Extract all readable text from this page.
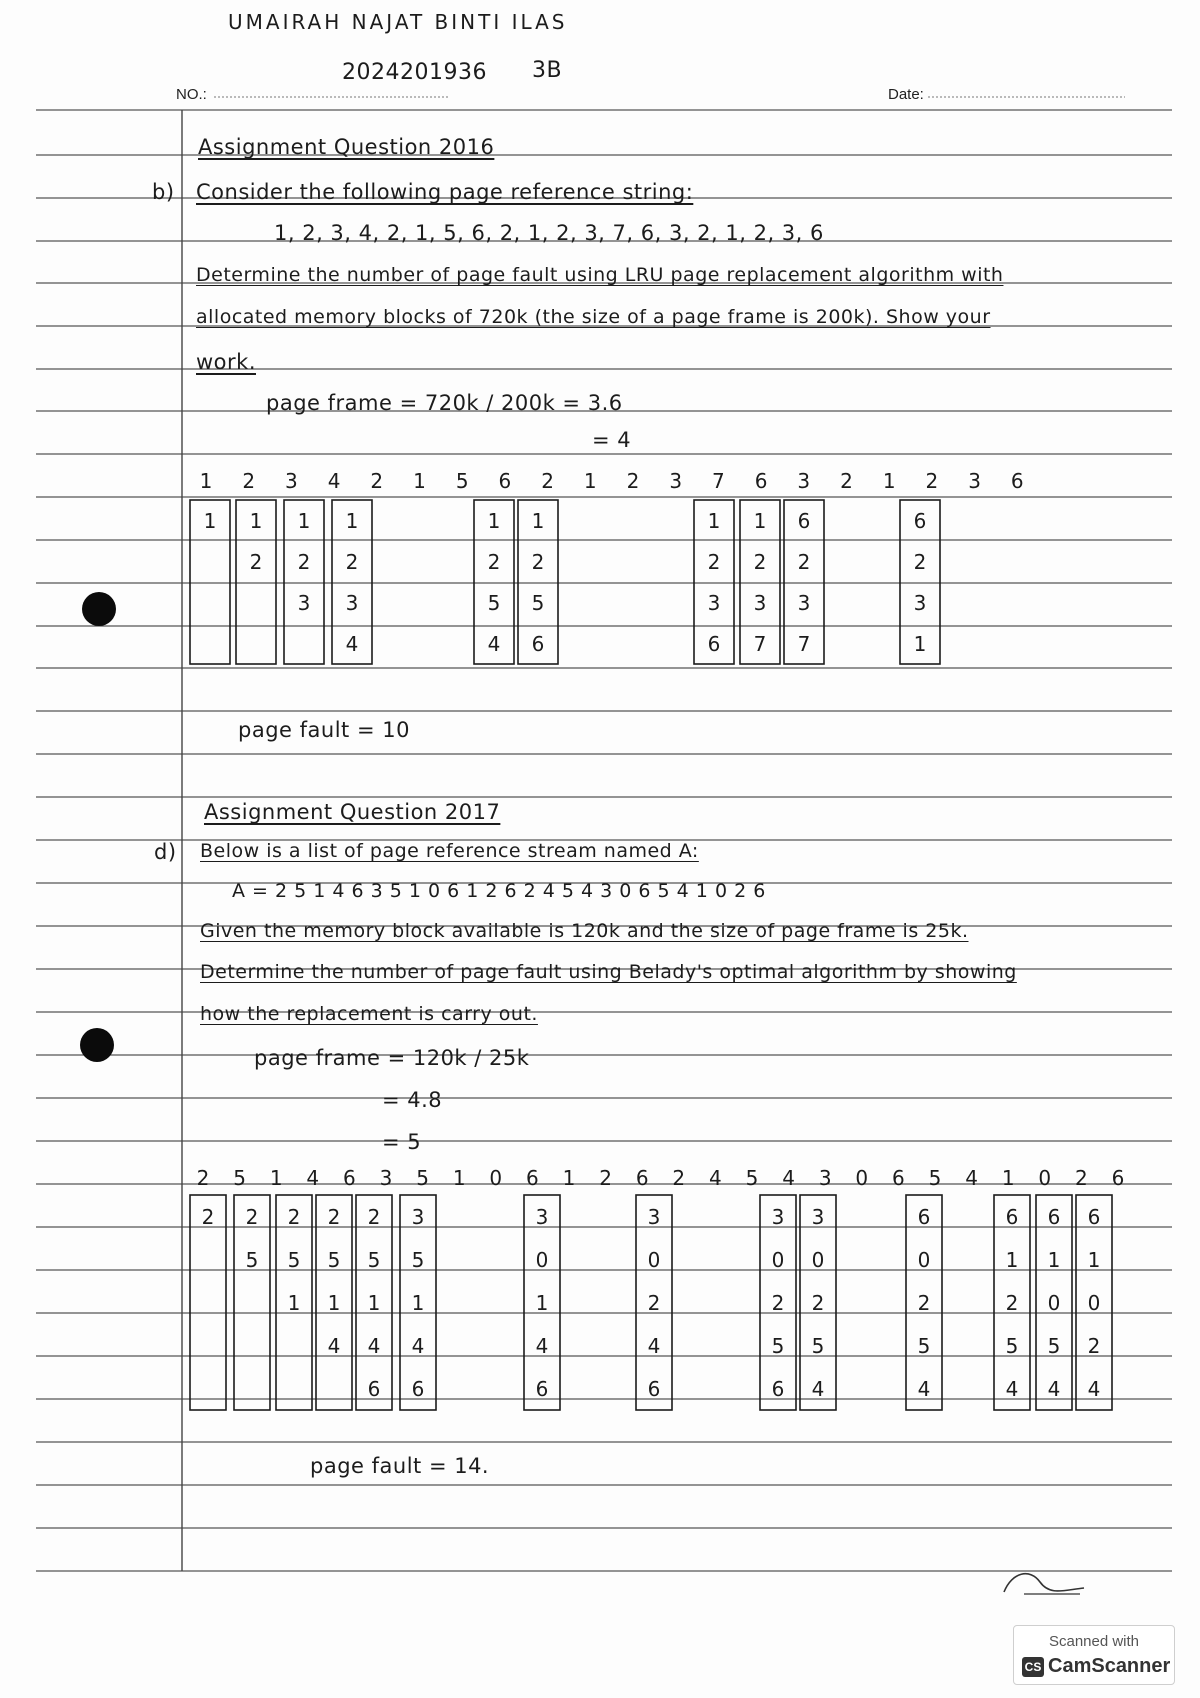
UMAIRAH NAJAT BINTI ILAS
2024201936 3B
NO.:	Date:
Assignment Question 2016
b) Consider the following page reference string:
1, 2, 3, 4, 2, 1, 5, 6, 2, 1, 2, 3, 7, 6, 3, 2, 1, 2, 3, 6
Determine the number of page fault using LRU page replacement algorithm with
allocated memory blocks of 720k (the size of a page frame is 200k). Show your
work.
page frame = 720k / 200k = 3.6
= 4
1 2 3 4 2 1 5 6 2 1 2 3 7 6 3 2 1 2 3 6
1 1
2
1
2
3
1
2
3
4
1
2
5
4
1
2
5
6
1
2
3
6
1
2
3
7
6
2
3
7
6
2
3
1
page fault = 10
Assignment Question 2017
d) Below is a list of page reference stream named A:
A = 2 5 1 4 6 3 5 1 0 6 1 2 6 2 4 5 4 3 0 6 5 4 1 0 2 6
Given the memory block available is 120k and the size of page frame is 25k.
Determine the number of page fault using Belady's optimal algorithm by showing
how the replacement is carry out.
page frame = 120k / 25k
= 4.8
= 5
2 5 1 4 6 3 5 1 0 6 1 2 6 2 4 5 4 3 0 6 5 4 1 0 2 6
2 2
5
2
5
1
2
5
1
4
2
5
1
4
6
3
5
1
4
6
3
0
1
4
6
3
0
2
4
6
3
0
2
5
6
3
0
2
5
4
6
0
2
5
4
6
1
2
5
4
6
1
0
5
4
6
1
0
2
4
page fault = 14.
Scanned with
CS CamScanner
